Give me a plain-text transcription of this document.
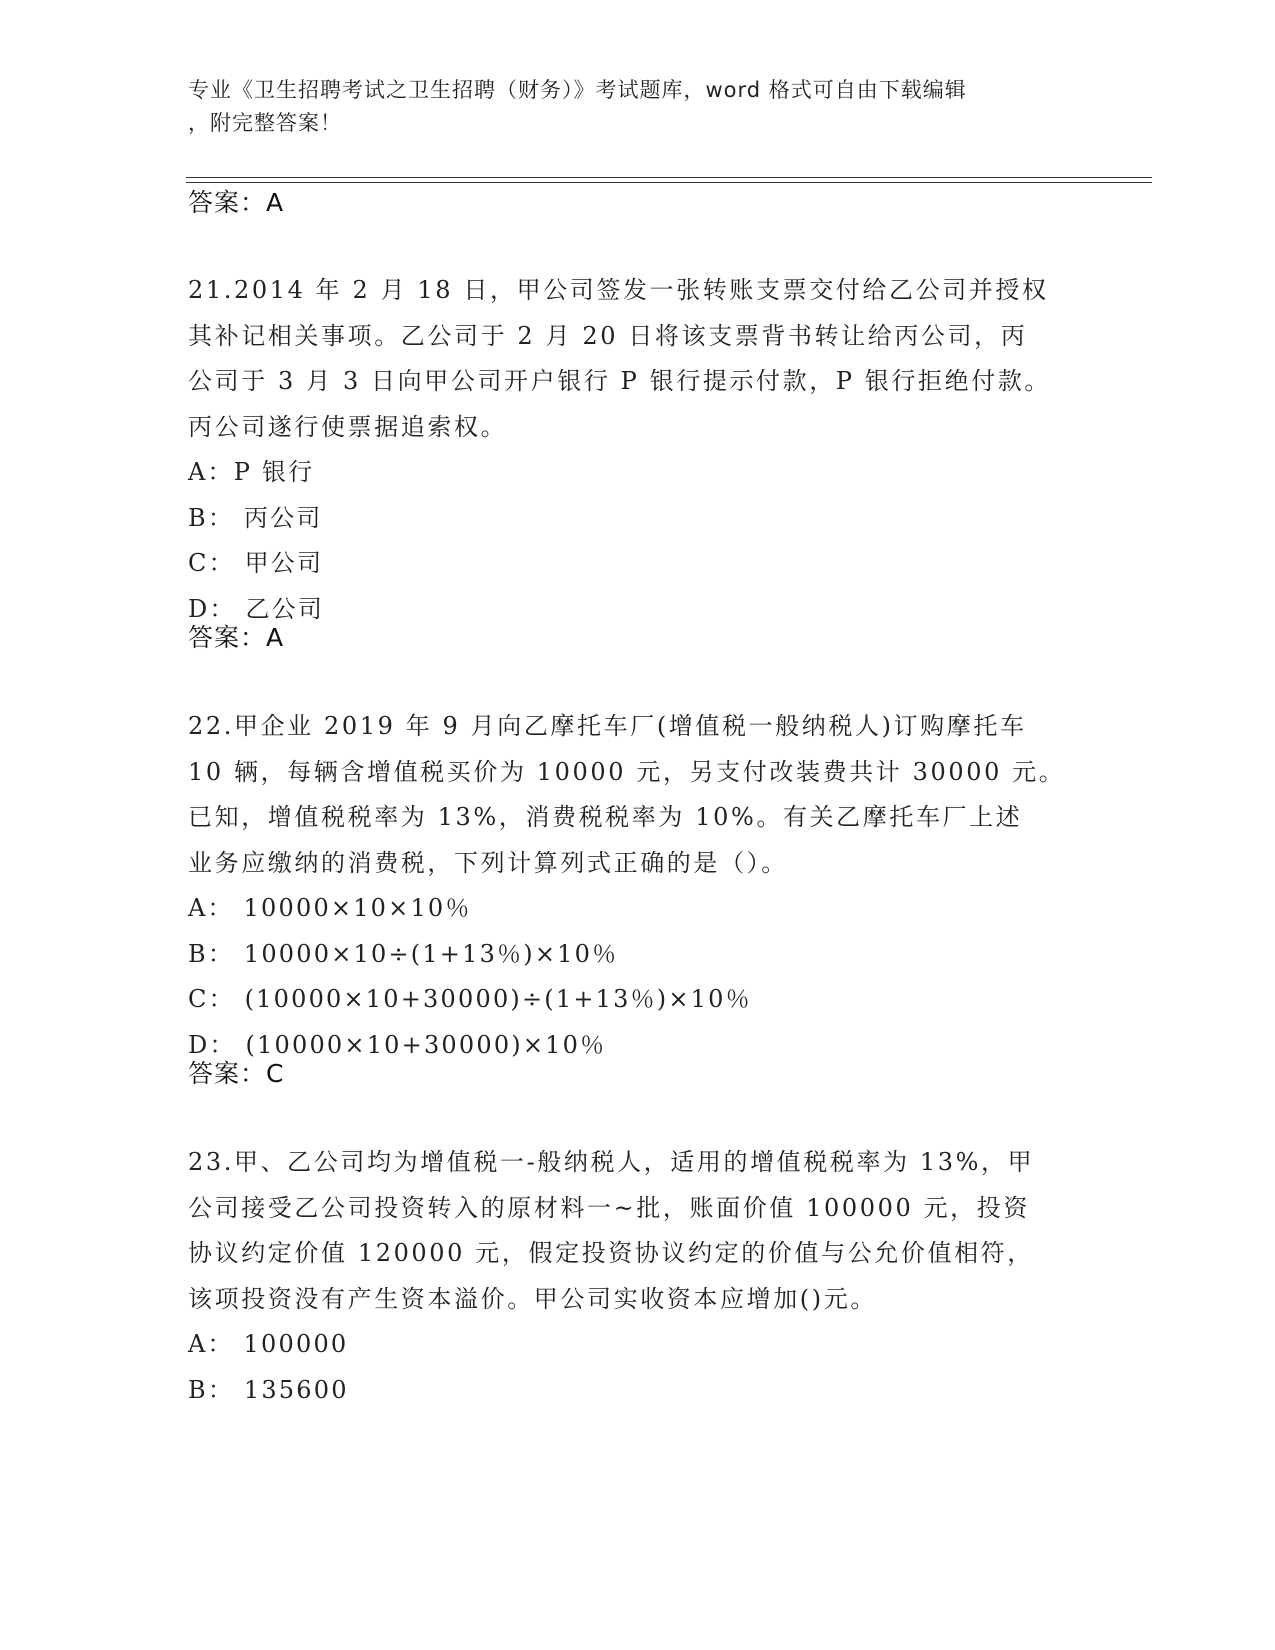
专业《卫生招聘考试之卫生招聘（财务）》考试题库，word 格式可自由下载编辑
，附完整答案！
答案：A
21.2014 年 2 月 18 日，甲公司签发一张转账支票交付给乙公司并授权
其补记相关事项。乙公司于 2 月 20 日将该支票背书转让给丙公司，丙
公司于 3 月 3 日向甲公司开户银行 P 银行提示付款，P 银行拒绝付款。
丙公司遂行使票据追索权。
A：P 银行
B： 丙公司
C： 甲公司
D： 乙公司
答案：A
22.甲企业 2019 年 9 月向乙摩托车厂(增值税一般纳税人)订购摩托车
10 辆，每辆含增值税买价为 10000 元，另支付改装费共计 30000 元。
已知，增值税税率为 13%，消费税税率为 10%。有关乙摩托车厂上述
业务应缴纳的消费税，下列计算列式正确的是（）。
A： 10000×10×10％
B： 10000×10÷(1+13％)×10％
C： (10000×10+30000)÷(1+13％)×10％
D： (10000×10+30000)×10％
答案：C
23.甲、乙公司均为增值税一-般纳税人，适用的增值税税率为 13%，甲
公司接受乙公司投资转入的原材料一~批，账面价值 100000 元，投资
协议约定价值 120000 元，假定投资协议约定的价值与公允价值相符，
该项投资没有产生资本溢价。甲公司实收资本应增加()元。
A： 100000
B： 135600
